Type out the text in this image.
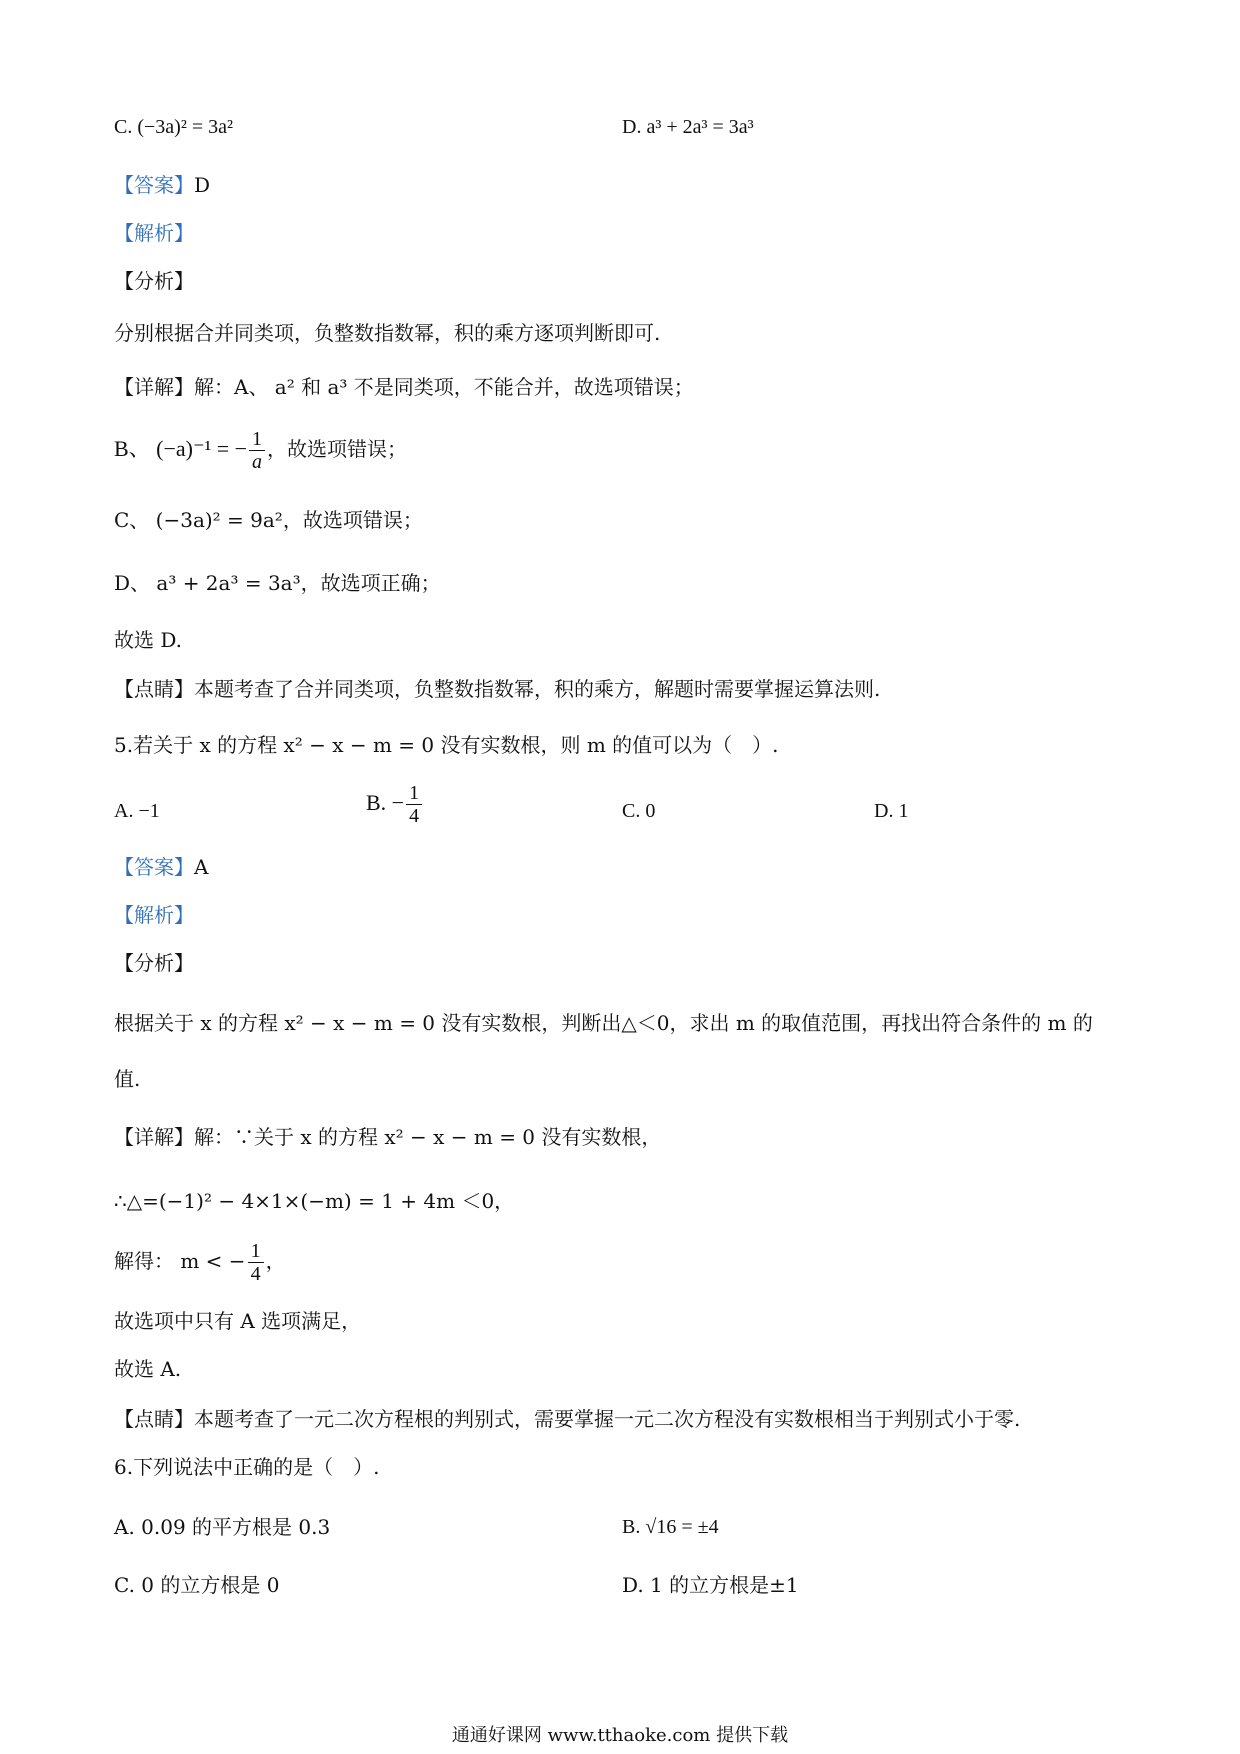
C. (−3a)² = 3a²	D. a³ + 2a³ = 3a³
【答案】D
【解析】
【分析】
分别根据合并同类项，负整数指数幂，积的乘方逐项判断即可.
【详解】解：A、 a² 和 a³ 不是同类项，不能合并，故选项错误；
B、 (−a)⁻¹ = − $\frac{1}{a}$ ，故选项错误；
C、 (−3a)² = 9a²，故选项错误；
D、 a³ + 2a³ = 3a³，故选项正确；
故选 D.
【点睛】本题考查了合并同类项，负整数指数幂，积的乘方，解题时需要掌握运算法则.
5.若关于 x 的方程 x² − x − m = 0 没有实数根，则 m 的值可以为（　）.
A. −1	B. − $\frac{1}{4}$	C. 0	D. 1
【答案】A
【解析】
【分析】
根据关于 x 的方程 x² − x − m = 0 没有实数根，判断出△＜0，求出 m 的取值范围，再找出符合条件的 m 的
值.
【详解】解：∵关于 x 的方程 x² − x − m = 0 没有实数根，
∴△=(−1)² − 4×1×(−m) = 1 + 4m ＜0，
解得： m < − $\frac{1}{4}$ ，
故选项中只有 A 选项满足，
故选 A.
【点睛】本题考查了一元二次方程根的判别式，需要掌握一元二次方程没有实数根相当于判别式小于零.
6.下列说法中正确的是（　）.
A. 0.09 的平方根是 0.3	B. √16 = ±4
C. 0 的立方根是 0	D. 1 的立方根是±1
通通好课网 www.tthaoke.com 提供下载
